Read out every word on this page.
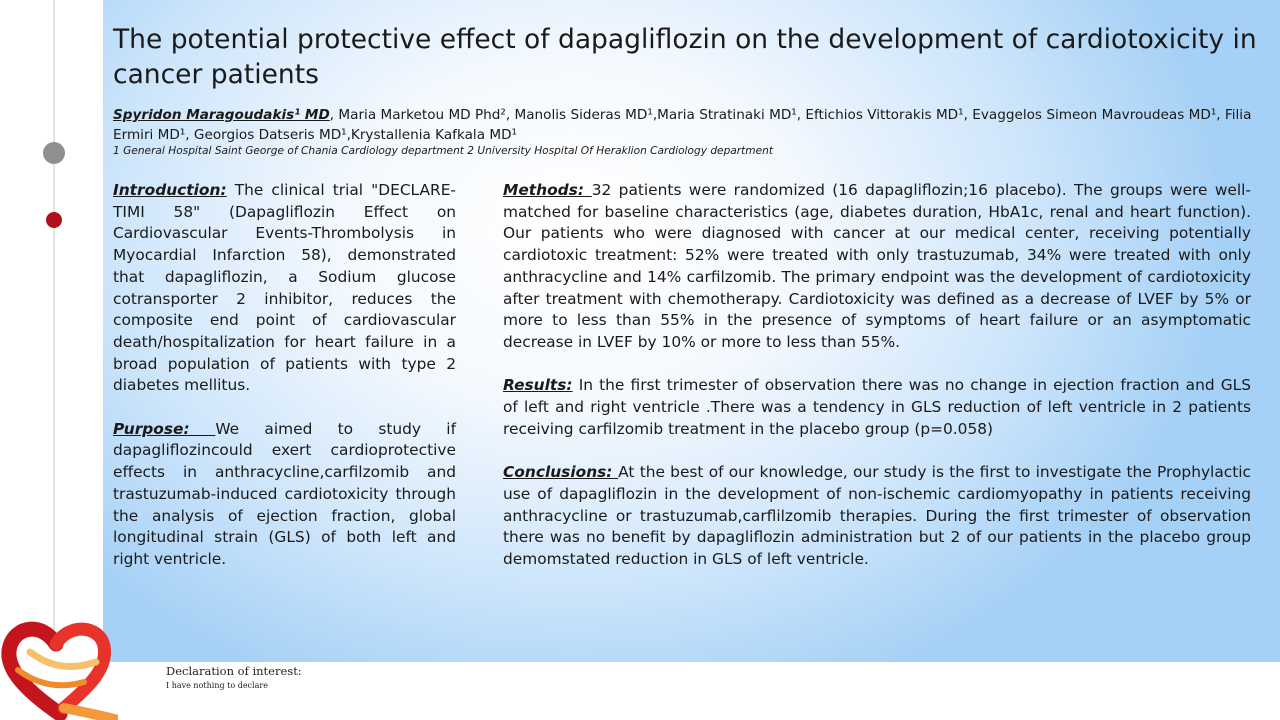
The potential protective effect of dapagliflozin on the development of cardiotoxicity in cancer patients
Spyridon Maragoudakis¹ MD, Maria Marketou MD Phd², Manolis Sideras MD¹,Maria Stratinaki MD¹, Eftichios Vittorakis MD¹, Evaggelos Simeon Mavroudeas MD¹, Filia Ermiri MD¹, Georgios Datseris MD¹,Krystallenia Kafkala MD¹
1 General Hospital Saint George of Chania Cardiology department 2 University Hospital Of Heraklion Cardiology department

Introduction: The clinical trial "DECLARE-TIMI 58" (Dapagliflozin Effect on Cardiovascular Events-Thrombolysis in Myocardial Infarction 58), demonstrated that dapagliflozin, a Sodium glucose cotransporter 2 inhibitor, reduces the composite end point of cardiovascular death/hospitalization for heart failure in a broad population of patients with type 2 diabetes mellitus.

Purpose: We aimed to study if dapagliflozincould exert cardioprotective effects in anthracycline,carfilzomib and trastuzumab-induced cardiotoxicity through the analysis of ejection fraction, global longitudinal strain (GLS) of both left and right ventricle.

Methods: 32 patients were randomized (16 dapagliflozin;16 placebo). The groups were well-matched for baseline characteristics (age, diabetes duration, HbA1c, renal and heart function). Our patients who were diagnosed with cancer at our medical center, receiving potentially cardiotoxic treatment: 52% were treated with only trastuzumab, 34% were treated with only anthracycline and 14% carfilzomib. The primary endpoint was the development of cardiotoxicity after treatment with chemotherapy. Cardiotoxicity was defined as a decrease of LVEF by 5% or more to less than 55% in the presence of symptoms of heart failure or an asymptomatic decrease in LVEF by 10% or more to less than 55%.

Results: In the first trimester of observation there was no change in ejection fraction and GLS of left and right ventricle .There was a tendency in GLS reduction of left ventricle in 2 patients receiving carfilzomib treatment in the placebo group (p=0.058)

Conclusions: At the best of our knowledge, our study is the first to investigate the Prophylactic use of dapagliflozin in the development of non-ischemic cardiomyopathy in patients receiving anthracycline or trastuzumab,carflilzomib therapies. During the first trimester of observation there was no benefit by dapagliflozin administration but 2 of our patients in the placebo group demomstated reduction in GLS of left ventricle.

Declaration of interest:
I have nothing to declare
